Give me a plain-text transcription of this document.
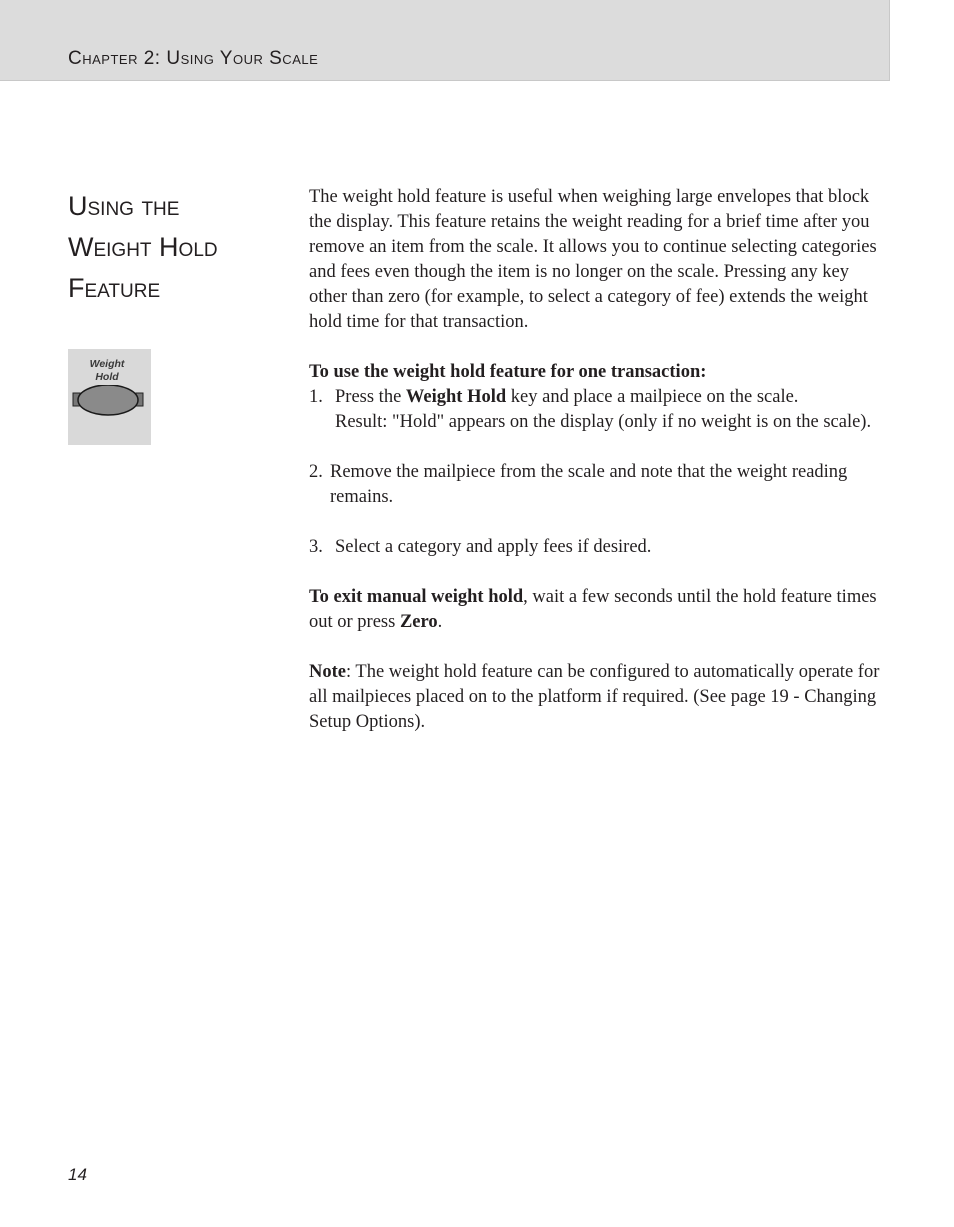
Chapter 2: Using Your Scale
Using the
Weight Hold
Feature
Weight
Hold

The weight hold feature is useful when weighing large envelopes that block the display. This feature retains the weight reading for a brief time after you remove an item from the scale. It allows you to continue selecting categories and fees even though the item is no longer on the scale. Pressing any key other than zero (for example, to select a category of fee) extends the weight hold time for that transaction.

To use the weight hold feature for one transaction:

1. Press the Weight Hold key and place a mailpiece on the scale.
Result: "Hold" appears on the display (only if no weight is on the scale).
2. Remove the mailpiece from the scale and note that the weight reading remains.
3. Select a category and apply fees if desired.

To exit manual weight hold, wait a few seconds until the hold feature times out or press Zero.

Note: The weight hold feature can be configured to automatically operate for all mailpieces placed on to the platform if required. (See page 19 - Changing Setup Options).

14
